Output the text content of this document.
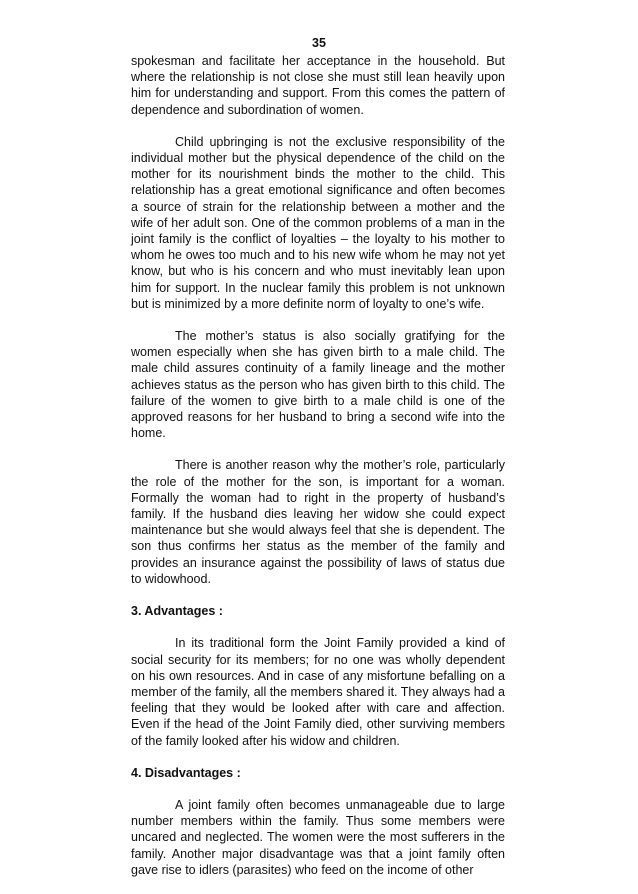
35

spokesman and facilitate her acceptance in the household. But where the relationship is not close she must still lean heavily upon him for understanding and support. From this comes the pattern of dependence and subordination of women.

Child upbringing is not the exclusive responsibility of the individual mother but the physical dependence of the child on the mother for its nourishment binds the mother to the child. This relationship has a great emotional significance and often becomes a source of strain for the relationship between a mother and the wife of her adult son. One of the common problems of a man in the joint family is the conflict of loyalties – the loyalty to his mother to whom he owes too much and to his new wife whom he may not yet know, but who is his concern and who must inevitably lean upon him for support. In the nuclear family this problem is not unknown but is minimized by a more definite norm of loyalty to one’s wife.

The mother’s status is also socially gratifying for the women especially when she has given birth to a male child. The male child assures continuity of a family lineage and the mother achieves status as the person who has given birth to this child. The failure of the women to give birth to a male child is one of the approved reasons for her husband to bring a second wife into the home.

There is another reason why the mother’s role, particularly the role of the mother for the son, is important for a woman. Formally the woman had to right in the property of husband’s family. If the husband dies leaving her widow she could expect maintenance but she would always feel that she is dependent. The son thus confirms her status as the member of the family and provides an insurance against the possibility of laws of status due to widowhood.

3. Advantages :

In its traditional form the Joint Family provided a kind of social security for its members; for no one was wholly dependent on his own resources. And in case of any misfortune befalling on a member of the family, all the members shared it. They always had a feeling that they would be looked after with care and affection. Even if the head of the Joint Family died, other surviving members of the family looked after his widow and children.

4. Disadvantages :

A joint family often becomes unmanageable due to large number members within the family. Thus some members were uncared and neglected. The women were the most sufferers in the family. Another major disadvantage was that a joint family often gave rise to idlers (parasites) who feed on the income of other
